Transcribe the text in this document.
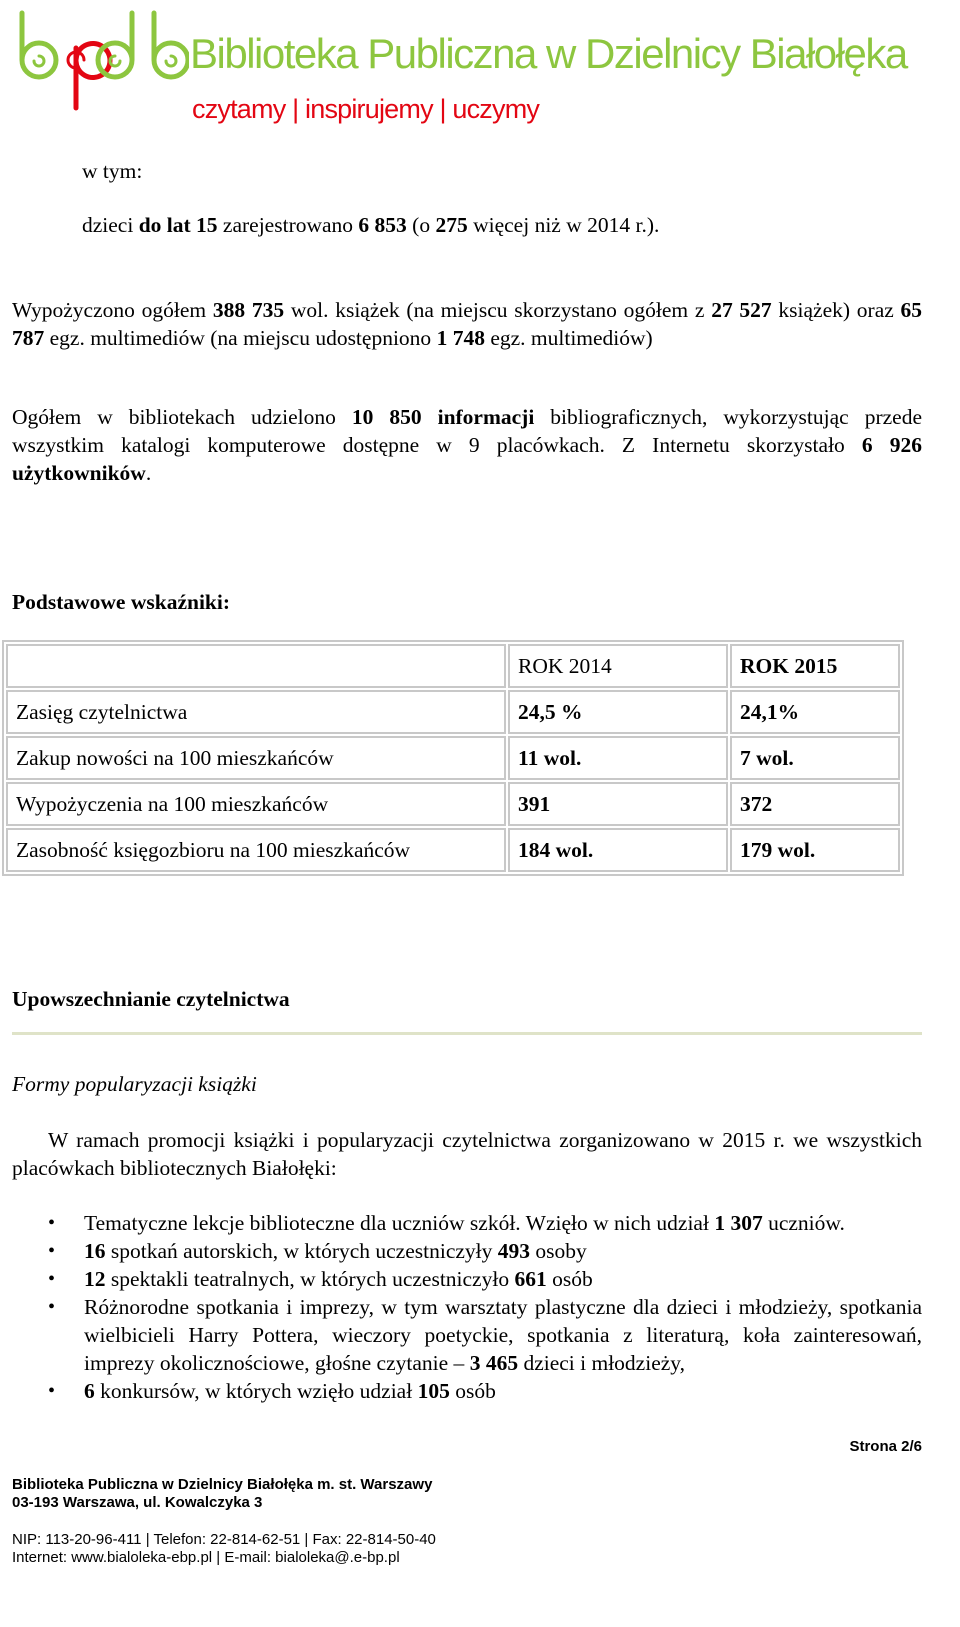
Biblioteka Publiczna w Dzielnicy Białołęka
czytamy | inspirujemy | uczymy
w tym:
dzieci do lat 15 zarejestrowano 6 853 (o 275 więcej niż w 2014 r.).
Wypożyczono ogółem 388 735 wol. książek (na miejscu skorzystano ogółem z 27 527 książek) oraz 65 787 egz. multimediów (na miejscu udostępniono 1 748 egz. multimediów)
Ogółem w bibliotekach udzielono 10 850 informacji bibliograficznych, wykorzystując przede wszystkim katalogi komputerowe dostępne w 9 placówkach. Z Internetu skorzystało 6 926 użytkowników.
Podstawowe wskaźniki:
	ROK 2014	ROK 2015
Zasięg czytelnictwa	24,5 %	24,1%
Zakup nowości na 100 mieszkańców	11 wol.	7 wol.
Wypożyczenia na 100 mieszkańców	391	372
Zasobność księgozbioru na 100 mieszkańców	184 wol.	179 wol.
Upowszechnianie czytelnictwa
Formy popularyzacji książki
W ramach promocji książki i popularyzacji czytelnictwa zorganizowano w 2015 r. we wszystkich placówkach bibliotecznych Białołęki:
• Tematyczne lekcje biblioteczne dla uczniów szkół. Wzięło w nich udział 1 307 uczniów.
• 16 spotkań autorskich, w których uczestniczyły 493 osoby
• 12 spektakli teatralnych, w których uczestniczyło 661 osób
• Różnorodne spotkania i imprezy, w tym warsztaty plastyczne dla dzieci i młodzieży, spotkania wielbicieli Harry Pottera, wieczory poetyckie, spotkania z literaturą, koła zainteresowań, imprezy okolicznościowe, głośne czytanie – 3 465 dzieci i młodzieży,
• 6 konkursów, w których wzięło udział 105 osób
Strona 2/6
Biblioteka Publiczna w Dzielnicy Białołęka m. st. Warszawy
03-193 Warszawa, ul. Kowalczyka 3
NIP: 113-20-96-411 | Telefon: 22-814-62-51 | Fax: 22-814-50-40
Internet: www.bialoleka-ebp.pl | E-mail: bialoleka@.e-bp.pl
